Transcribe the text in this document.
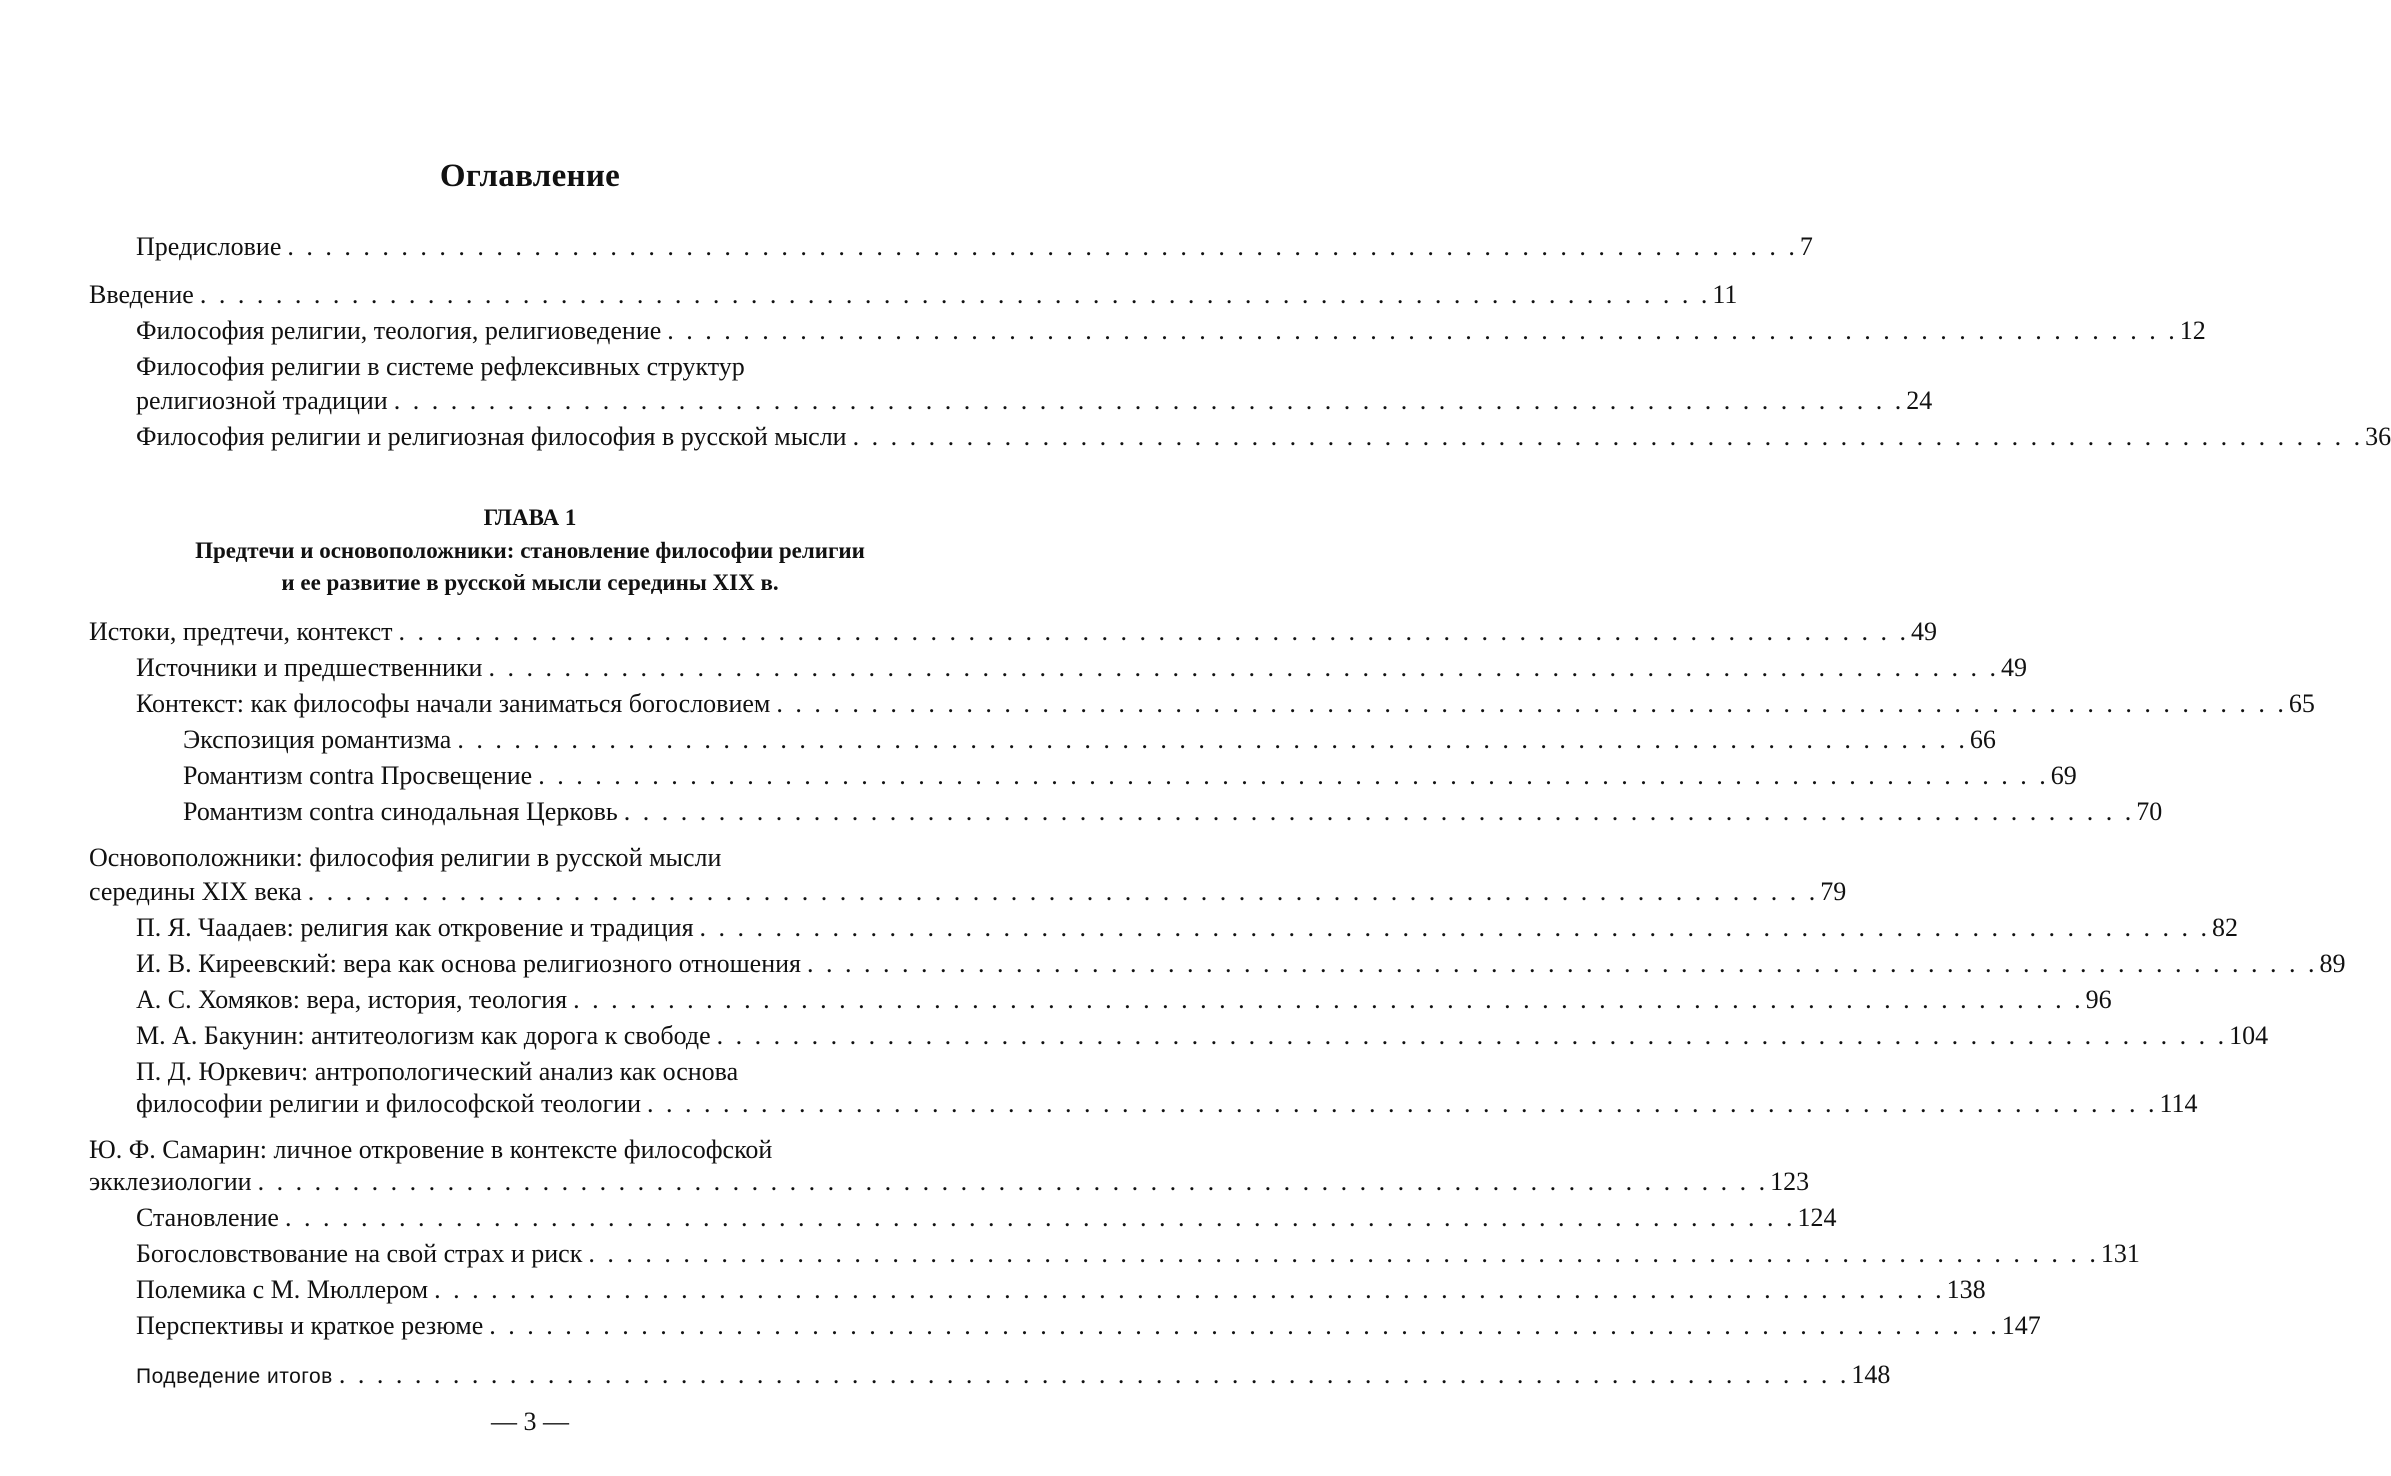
Оглавление
Предисловие . . . . . . . . . . . . . . . . . . . . . . . . . . . . . . . . . . . . . . . . . . . . . . . . . . . . . . . . . . . . . . . . . . . . . . . . . . . . . . . . 7
Введение . . . . . . . . . . . . . . . . . . . . . . . . . . . . . . . . . . . . . . . . . . . . . . . . . . . . . . . . . . . . . . . . . . . . . . . . . . . . . . . . 11
Философия религии, теология, религиоведение . . . . . . . . . . . . . . . . . . . . . . . . . . . . . . . . . . . . . . . . . . . . . . . . . . . . . . . . . . . . . . . . . . . . . . . . . . . . . . . . 12
Философия религии в системе рефлексивных структур
религиозной традиции . . . . . . . . . . . . . . . . . . . . . . . . . . . . . . . . . . . . . . . . . . . . . . . . . . . . . . . . . . . . . . . . . . . . . . . . . . . . . . . . 24
Философия религии и религиозная философия в русской мысли . . . . . . . . . . . . . . . . . . . . . . . . . . . . . . . . . . . . . . . . . . . . . . . . . . . . . . . . . . . . . . . . . . . . . . . . . . . . . . . . 36
ГЛАВА 1
Предтечи и основоположники: становление философии религии
и ее развитие в русской мысли середины XIX в.
Истоки, предтечи, контекст . . . . . . . . . . . . . . . . . . . . . . . . . . . . . . . . . . . . . . . . . . . . . . . . . . . . . . . . . . . . . . . . . . . . . . . . . . . . . . . . 49
Источники и предшественники . . . . . . . . . . . . . . . . . . . . . . . . . . . . . . . . . . . . . . . . . . . . . . . . . . . . . . . . . . . . . . . . . . . . . . . . . . . . . . . . 49
Контекст: как философы начали заниматься богословием . . . . . . . . . . . . . . . . . . . . . . . . . . . . . . . . . . . . . . . . . . . . . . . . . . . . . . . . . . . . . . . . . . . . . . . . . . . . . . . . 65
Экспозиция романтизма . . . . . . . . . . . . . . . . . . . . . . . . . . . . . . . . . . . . . . . . . . . . . . . . . . . . . . . . . . . . . . . . . . . . . . . . . . . . . . . . 66
Романтизм contra Просвещение . . . . . . . . . . . . . . . . . . . . . . . . . . . . . . . . . . . . . . . . . . . . . . . . . . . . . . . . . . . . . . . . . . . . . . . . . . . . . . . . 69
Романтизм contra синодальная Церковь . . . . . . . . . . . . . . . . . . . . . . . . . . . . . . . . . . . . . . . . . . . . . . . . . . . . . . . . . . . . . . . . . . . . . . . . . . . . . . . . 70
Основоположники: философия религии в русской мысли
середины XIX века . . . . . . . . . . . . . . . . . . . . . . . . . . . . . . . . . . . . . . . . . . . . . . . . . . . . . . . . . . . . . . . . . . . . . . . . . . . . . . . . 79
П. Я. Чаадаев: религия как откровение и традиция . . . . . . . . . . . . . . . . . . . . . . . . . . . . . . . . . . . . . . . . . . . . . . . . . . . . . . . . . . . . . . . . . . . . . . . . . . . . . . . . 82
И. В. Киреевский: вера как основа религиозного отношения . . . . . . . . . . . . . . . . . . . . . . . . . . . . . . . . . . . . . . . . . . . . . . . . . . . . . . . . . . . . . . . . . . . . . . . . . . . . . . . . 89
А. С. Хомяков: вера, история, теология . . . . . . . . . . . . . . . . . . . . . . . . . . . . . . . . . . . . . . . . . . . . . . . . . . . . . . . . . . . . . . . . . . . . . . . . . . . . . . . . 96
М. А. Бакунин: антитеологизм как дорога к свободе . . . . . . . . . . . . . . . . . . . . . . . . . . . . . . . . . . . . . . . . . . . . . . . . . . . . . . . . . . . . . . . . . . . . . . . . . . . . . . . . 104
П. Д. Юркевич: антропологический анализ как основа
философии религии и философской теологии . . . . . . . . . . . . . . . . . . . . . . . . . . . . . . . . . . . . . . . . . . . . . . . . . . . . . . . . . . . . . . . . . . . . . . . . . . . . . . . . 114
Ю. Ф. Самарин: личное откровение в контексте философской
экклезиологии . . . . . . . . . . . . . . . . . . . . . . . . . . . . . . . . . . . . . . . . . . . . . . . . . . . . . . . . . . . . . . . . . . . . . . . . . . . . . . . . 123
Становление . . . . . . . . . . . . . . . . . . . . . . . . . . . . . . . . . . . . . . . . . . . . . . . . . . . . . . . . . . . . . . . . . . . . . . . . . . . . . . . . 124
Богословствование на свой страх и риск . . . . . . . . . . . . . . . . . . . . . . . . . . . . . . . . . . . . . . . . . . . . . . . . . . . . . . . . . . . . . . . . . . . . . . . . . . . . . . . . 131
Полемика с М. Мюллером . . . . . . . . . . . . . . . . . . . . . . . . . . . . . . . . . . . . . . . . . . . . . . . . . . . . . . . . . . . . . . . . . . . . . . . . . . . . . . . . 138
Перспективы и краткое резюме . . . . . . . . . . . . . . . . . . . . . . . . . . . . . . . . . . . . . . . . . . . . . . . . . . . . . . . . . . . . . . . . . . . . . . . . . . . . . . . . 147
Подведение итогов . . . . . . . . . . . . . . . . . . . . . . . . . . . . . . . . . . . . . . . . . . . . . . . . . . . . . . . . . . . . . . . . . . . . . . . . . . . . . . . . 148
— 3 —
